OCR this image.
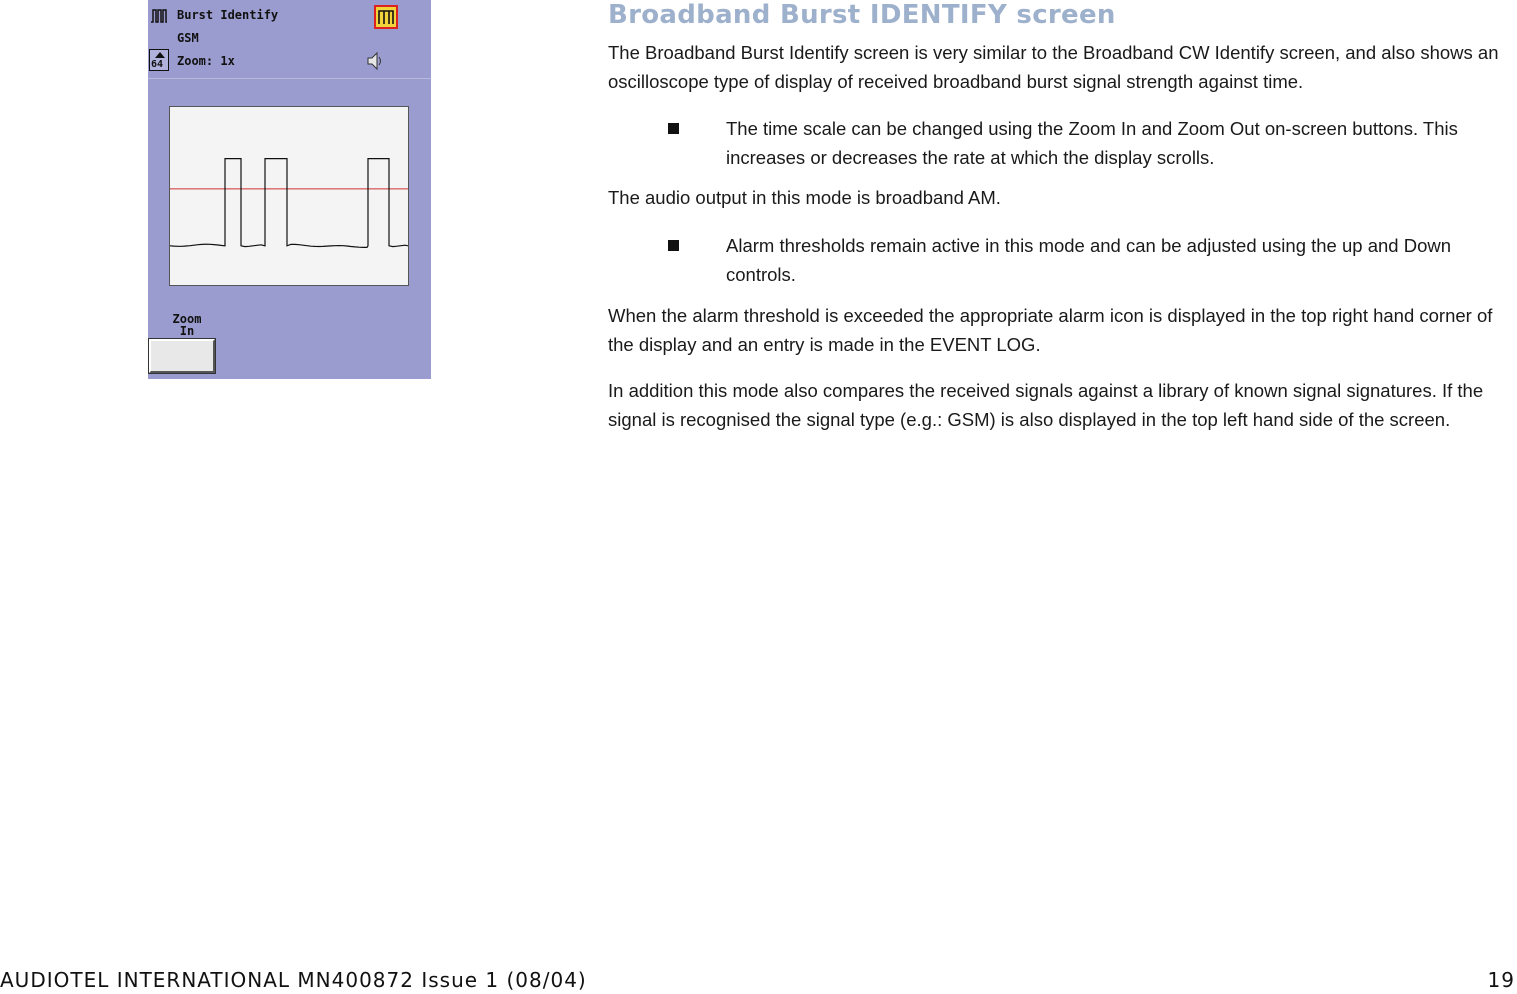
Burst Identify
GSM
64 Zoom: 1x
Zoom
In
Broadband Burst IDENTIFY screen

The Broadband Burst Identify screen is very similar to the Broadband CW Identify screen, and also shows an oscilloscope type of display of received broadband burst signal strength against time.

The time scale can be changed using the Zoom In and Zoom Out on-screen buttons. This increases or decreases the rate at which the display scrolls.

The audio output in this mode is broadband AM.

Alarm thresholds remain active in this mode and can be adjusted using the up and Down controls.

When the alarm threshold is exceeded the appropriate alarm icon is displayed in the top right hand corner of the display and an entry is made in the EVENT LOG.

In addition this mode also compares the received signals against a library of known signal signatures. If the signal is recognised the signal type (e.g.: GSM) is also displayed in the top left hand side of the screen.

AUDIOTEL INTERNATIONAL MN400872 Issue 1 (08/04)	19
